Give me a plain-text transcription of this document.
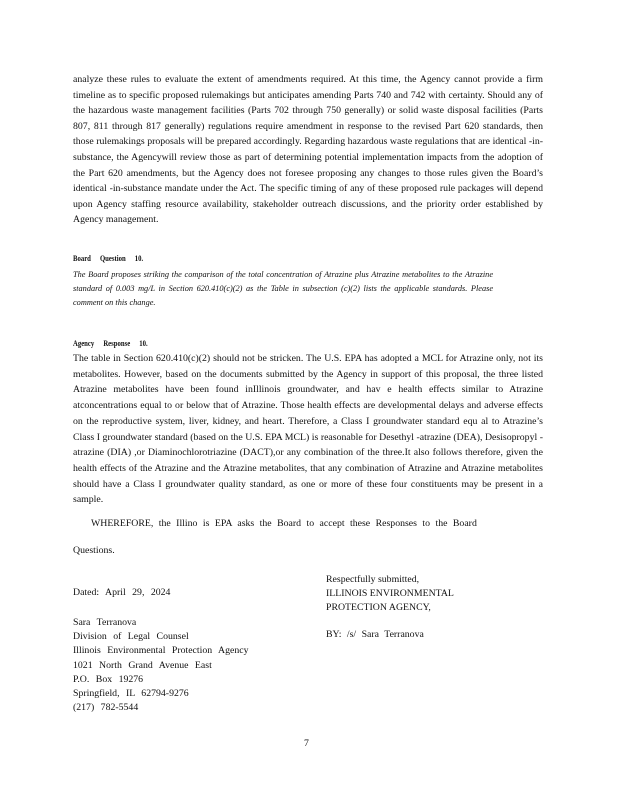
analyze these rules to evaluate the extent of amendments required. At this time, the Agency cannot provide a firm timeline as to specific proposed rulemakings but anticipates amending Parts 740 and 742 with certainty. Should any of the hazardous waste management facilities (Parts 702 through 750 generally) or solid waste disposal facilities (Parts 807, 811 through 817 generally) regulations require amendment in response to the revised Part 620 standards, then those rulemakings proposals will be prepared accordingly. Regarding hazardous waste regulations that are identical -in-substance, the Agencywill review those as part of determining potential implementation impacts from the adoption of the Part 620 amendments, but the Agency does not foresee proposing any changes to those rules given the Board’s identical -in-substance mandate under the Act. The specific timing of any of these proposed rule packages will depend upon Agency staffing resource availability, stakeholder outreach discussions, and the priority order established by Agency management.

Board Question 10.

The Board proposes striking the comparison of the total concentration of Atrazine plus Atrazine metabolites to the Atrazine standard of 0.003 mg/L in Section 620.410(c)(2) as the Table in subsection (c)(2) lists the applicable standards. Please comment on this change.

Agency Response 10.

The table in Section 620.410(c)(2) should not be stricken. The U.S. EPA has adopted a MCL for Atrazine only, not its metabolites. However, based on the documents submitted by the Agency in support of this proposal, the three listed Atrazine metabolites have been found inIllinois groundwater, and hav e health effects similar to Atrazine atconcentrations equal to or below that of Atrazine. Those health effects are developmental delays and adverse effects on the reproductive system, liver, kidney, and heart. Therefore, a Class I groundwater standard equ al to Atrazine’s Class I groundwater standard (based on the U.S. EPA MCL) is reasonable for Desethyl -atrazine (DEA), Desisopropyl -atrazine (DIA) ,or Diaminochlorotriazine (DACT),or any combination of the three.It also follows therefore, given the health effects of the Atrazine and the Atrazine metabolites, that any combination of Atrazine and Atrazine metabolites should have a Class I groundwater quality standard, as one or more of these four constituents may be present in a sample.

WHEREFORE, the Illino is EPA asks the Board to accept these Responses to the Board
Questions.
Dated: April 29, 2024
Respectfully submitted,
ILLINOIS ENVIRONMENTAL
PROTECTION AGENCY,
BY: /s/ Sara Terranova
Sara Terranova
Division of Legal Counsel
Illinois Environmental Protection Agency
1021 North Grand Avenue East
P.O. Box 19276
Springfield, IL 62794-9276
(217) 782-5544
7
